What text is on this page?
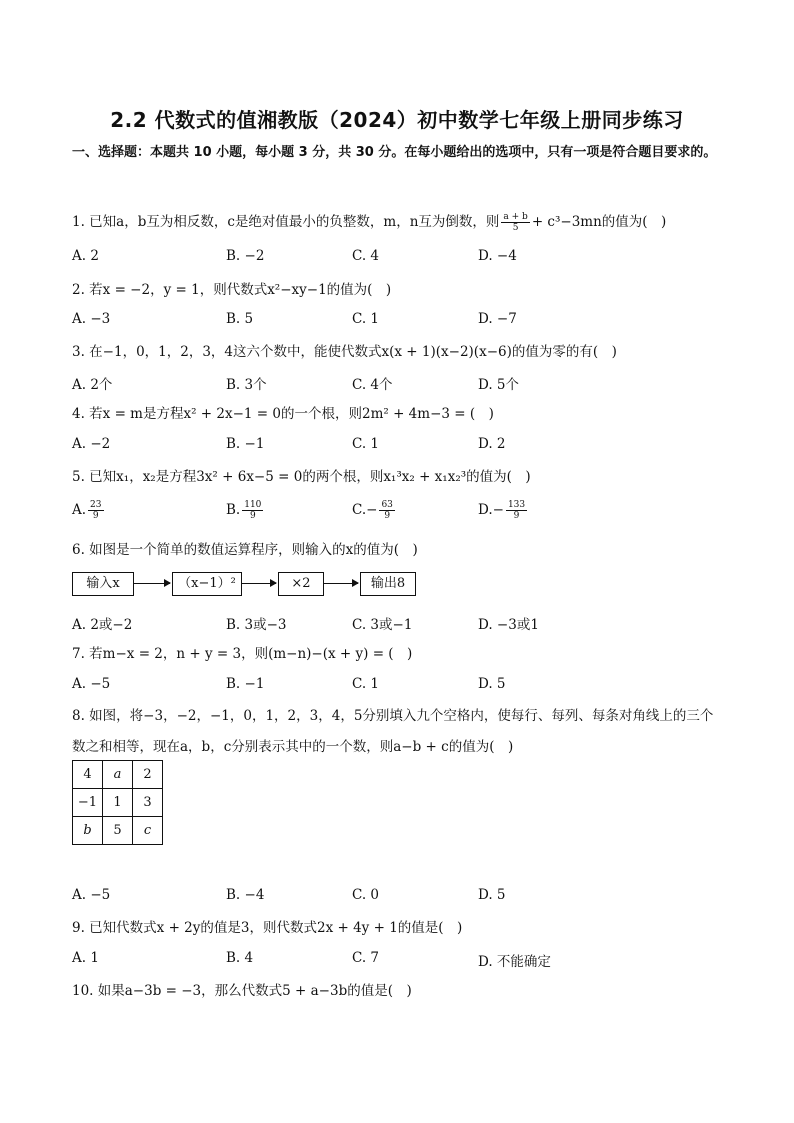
2.2 代数式的值湘教版（2024）初中数学七年级上册同步练习
一、选择题：本题共 10 小题，每小题 3 分，共 30 分。在每小题给出的选项中，只有一项是符合题目要求的。
1. 已知a，b互为相反数，c是绝对值最小的负整数，m，n互为倒数，则 $\frac{a + b}{5} + c^3-3mn$的值为(　)
A. 2	B. −2	C. 4	D. −4
2. 若x = −2，y = 1，则代数式x²−xy−1的值为(　)
A. −3	B. 5	C. 1	D. −7
3. 在−1，0，1，2，3，4这六个数中，能使代数式x(x + 1)(x−2)(x−6)的值为零的有(　)
A. 2个	B. 3个	C. 4个	D. 5个
4. 若x = m是方程x² + 2x−1 = 0的一个根，则2m² + 4m−3 = (　)
A. −2	B. −1	C. 1	D. 2
5. 已知x₁，x₂是方程3x² + 6x−5 = 0的两个根，则x₁³x₂ + x₁x₂³的值为(　)
A. $\frac{23}{9}$	B. $\frac{110}{9}$	$C.- \frac{63}{9}$	$D.- \frac{133}{9}$
6. 如图是一个简单的数值运算程序，则输入的x的值为(　)
输入x	（x−1）²	×2	输出8
A. 2或−2	B. 3或−3	C. 3或−1	D. −3或1
7. 若m−x = 2，n + y = 3，则(m−n)−(x + y) = (　)
A. −5	B. −1	C. 1	D. 5
8. 如图，将−3，−2，−1，0，1，2，3，4，5分别填入九个空格内，使每行、每列、每条对角线上的三个
数之和相等，现在a，b，c分别表示其中的一个数，则a−b + c的值为(　)
4	a	2
−1	1	3
b	5	c
A. −5	B. −4	C. 0	D. 5
9. 已知代数式x + 2y的值是3，则代数式2x + 4y + 1的值是(　)
A. 1	B. 4	C. 7	D. 不能确定
10. 如果a−3b = −3，那么代数式5 + a−3b的值是(　)
